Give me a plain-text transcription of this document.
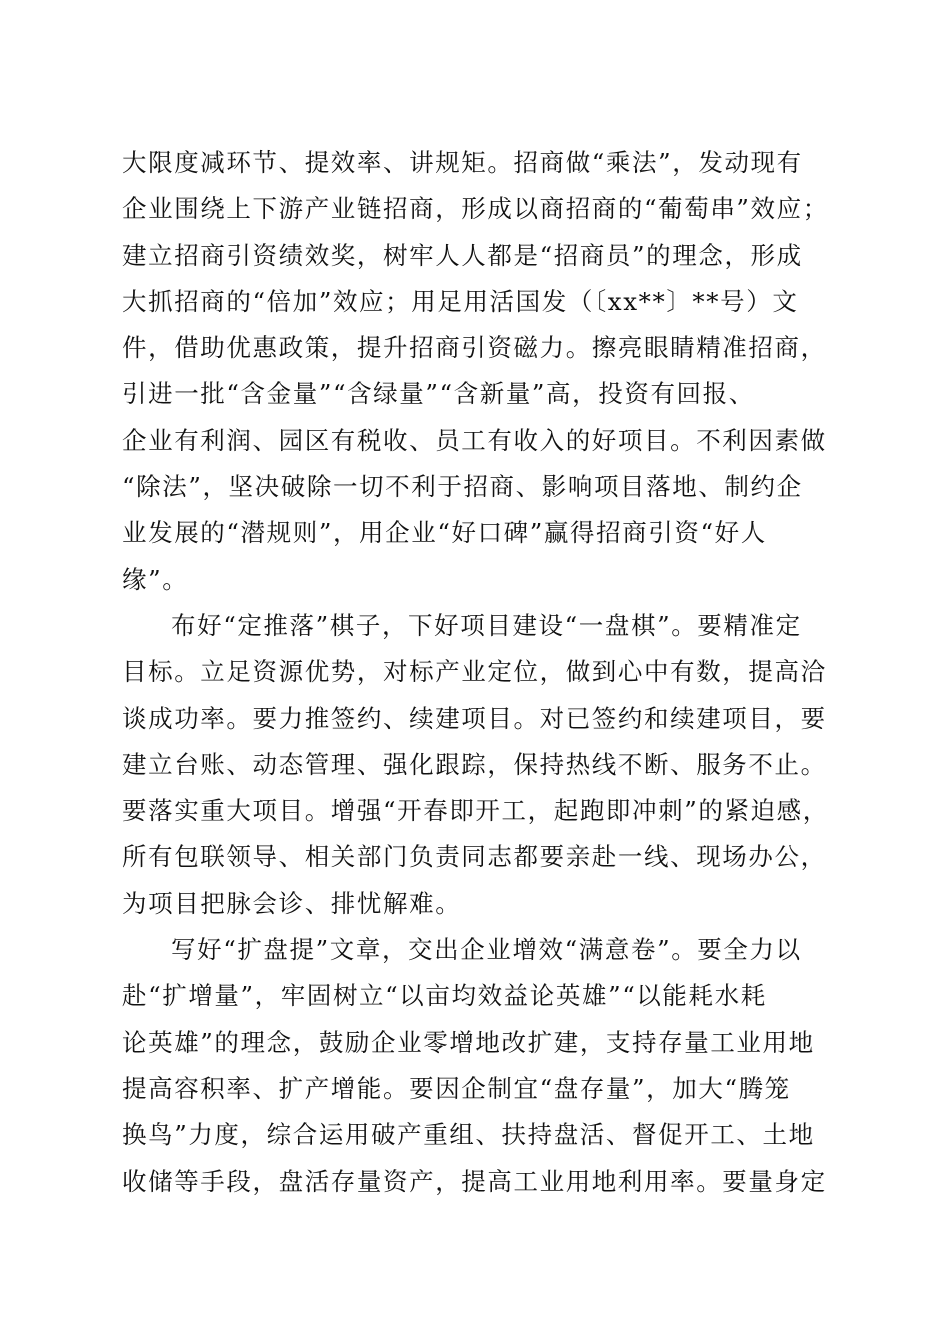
大限度减环节、提效率、讲规矩。招商做“乘法”，发动现有
企业围绕上下游产业链招商，形成以商招商的“葡萄串”效应；
建立招商引资绩效奖，树牢人人都是“招商员”的理念，形成
大抓招商的“倍加”效应；用足用活国发（〔xx**〕**号）文
件，借助优惠政策，提升招商引资磁力。擦亮眼睛精准招商，
引进一批“含金量”“含绿量”“含新量”高，投资有回报、
企业有利润、园区有税收、员工有收入的好项目。不利因素做
“除法”，坚决破除一切不利于招商、影响项目落地、制约企
业发展的“潜规则”，用企业“好口碑”赢得招商引资“好人
缘”。
布好“定推落”棋子，下好项目建设“一盘棋”。要精准定
目标。立足资源优势，对标产业定位，做到心中有数，提高洽
谈成功率。要力推签约、续建项目。对已签约和续建项目，要
建立台账、动态管理、强化跟踪，保持热线不断、服务不止。
要落实重大项目。增强“开春即开工，起跑即冲刺”的紧迫感，
所有包联领导、相关部门负责同志都要亲赴一线、现场办公，
为项目把脉会诊、排忧解难。
写好“扩盘提”文章，交出企业增效“满意卷”。要全力以
赴“扩增量”，牢固树立“以亩均效益论英雄”“以能耗水耗
论英雄”的理念，鼓励企业零增地改扩建，支持存量工业用地
提高容积率、扩产增能。要因企制宜“盘存量”，加大“腾笼
换鸟”力度，综合运用破产重组、扶持盘活、督促开工、土地
收储等手段，盘活存量资产，提高工业用地利用率。要量身定
